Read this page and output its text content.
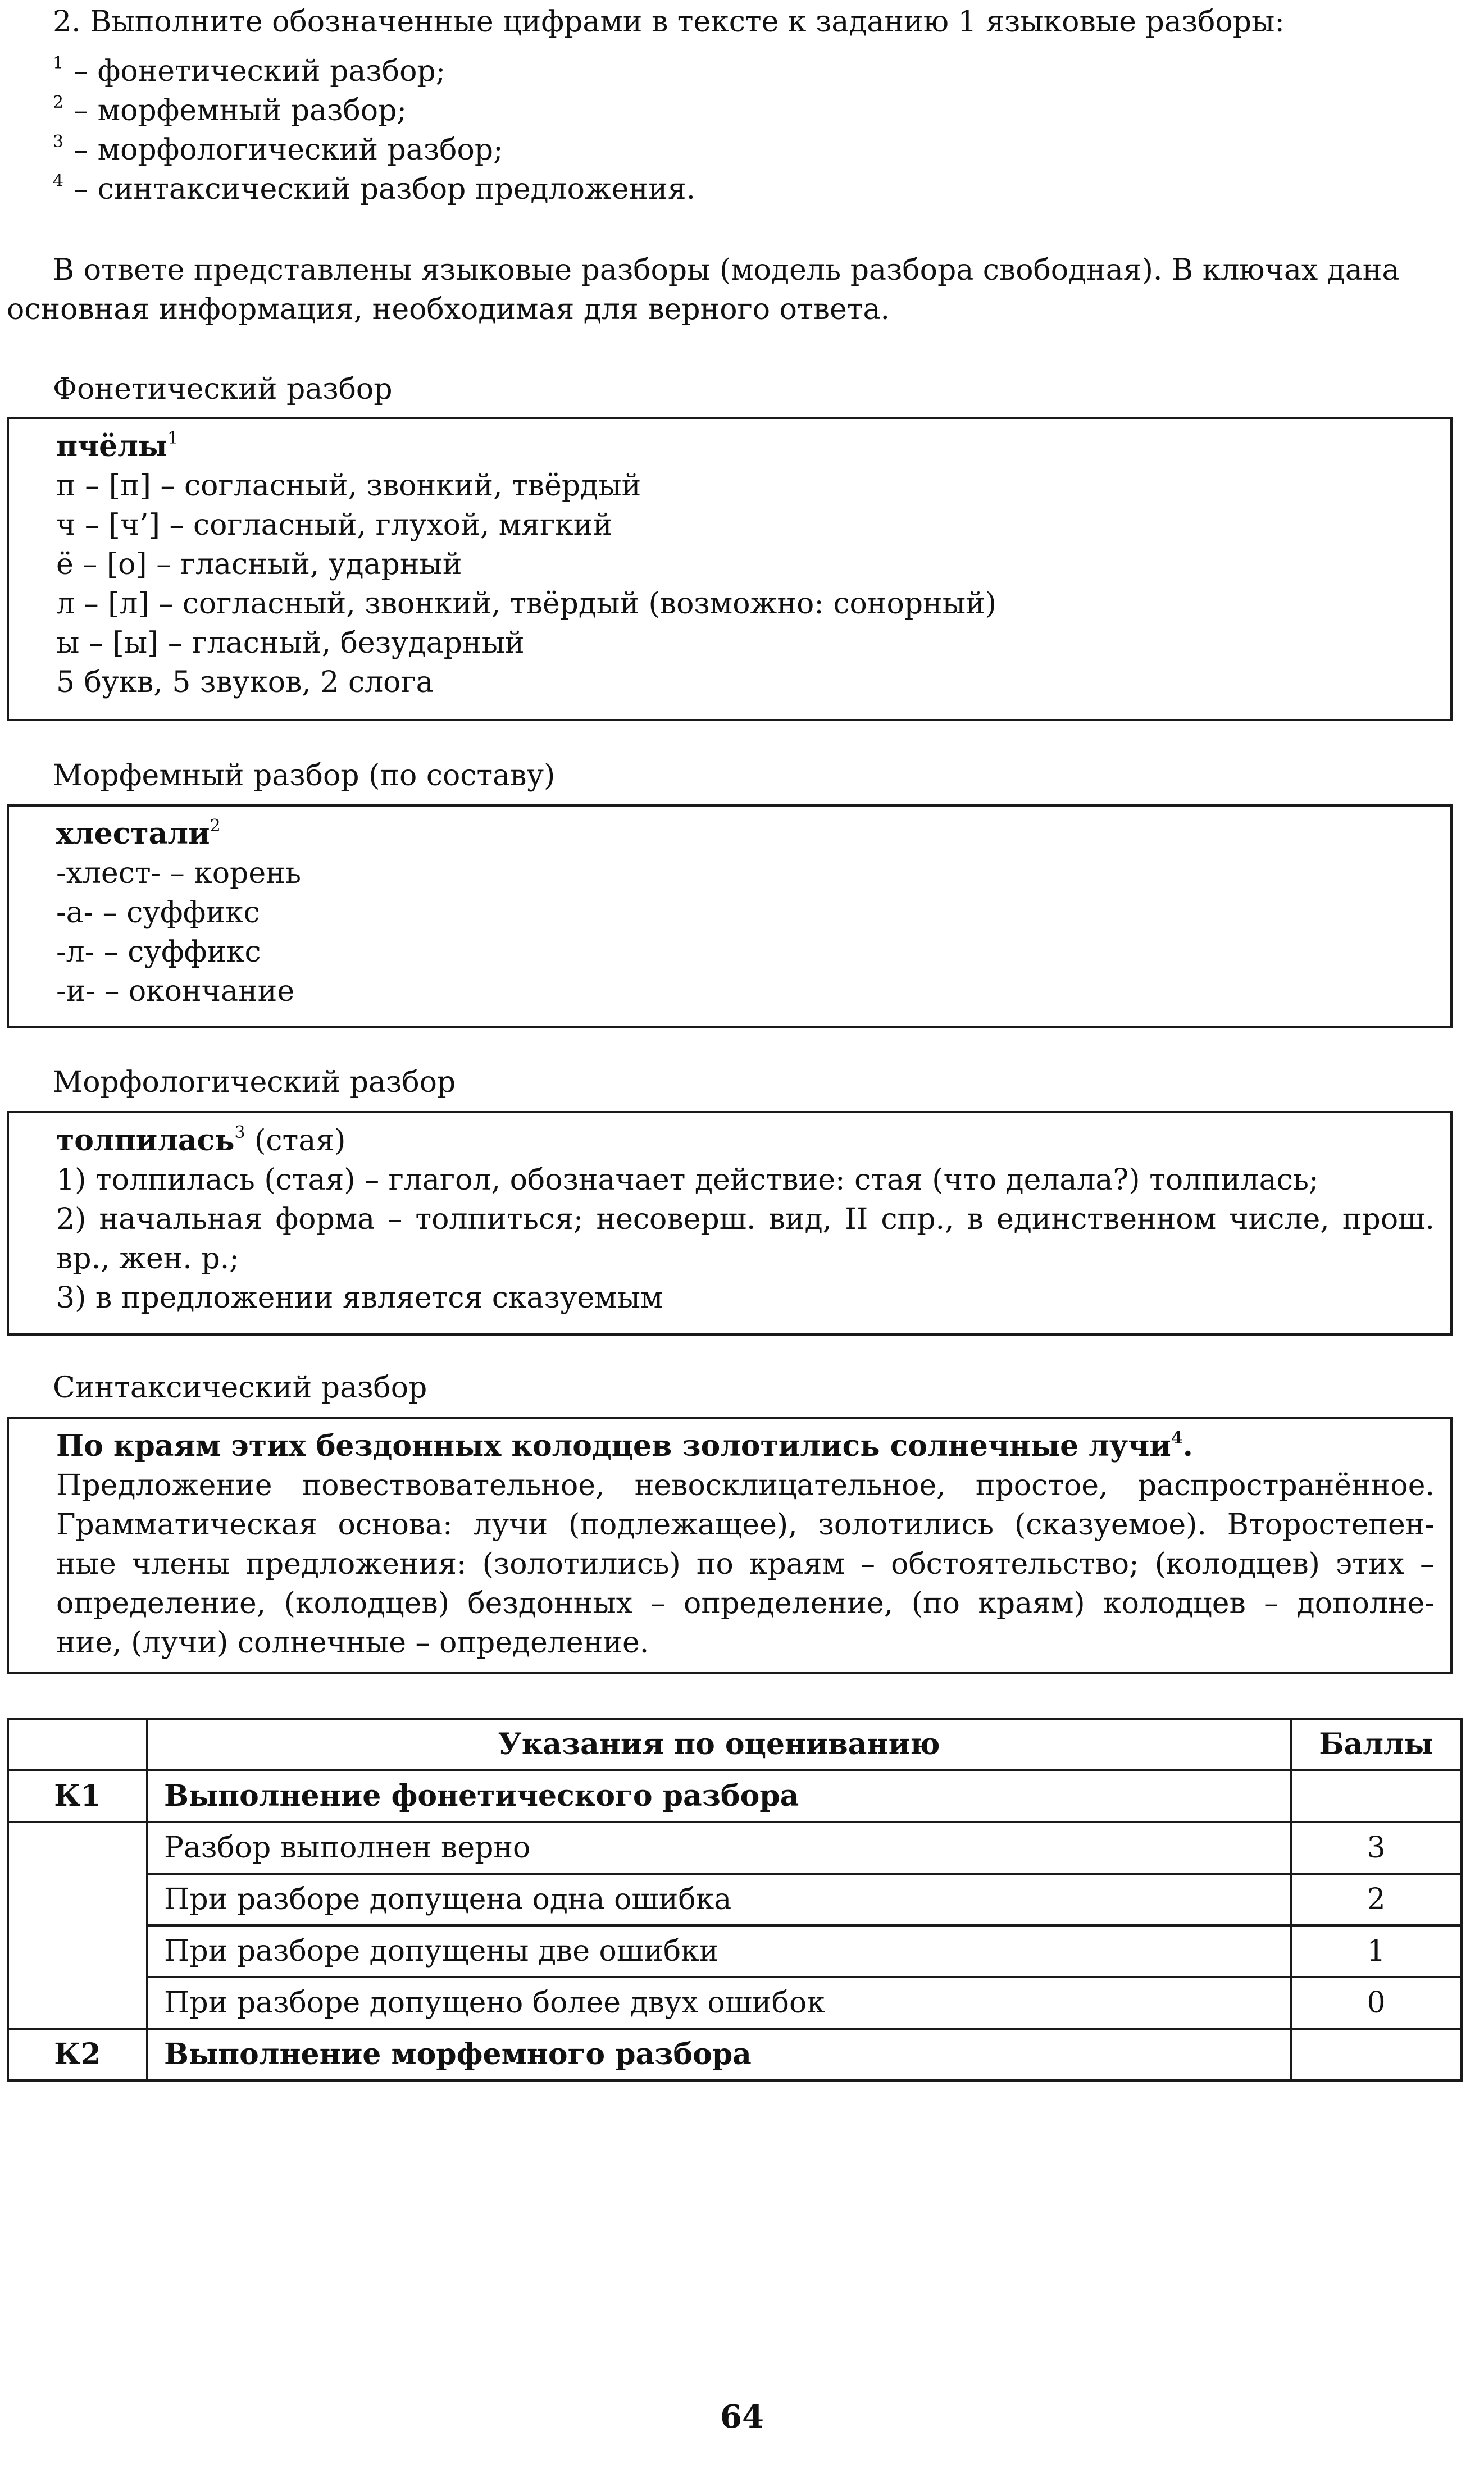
2. Выполните обозначенные цифрами в тексте к заданию 1 языковые разборы:
$^1$ – фонетический разбор;
$^2$ – морфемный разбор;
$^3$ – морфологический разбор;
$^4$ – синтаксический разбор предложения.
В ответе представлены языковые разборы (модель разбора свободная). В ключах дана
основная информация, необходимая для верного ответа.
Фонетический разбор
пчёлы$^1$
п – [п] – согласный, звонкий, твёрдый
ч – [ч’] – согласный, глухой, мягкий
ё – [о] – гласный, ударный
л – [л] – согласный, звонкий, твёрдый (возможно: сонорный)
ы – [ы] – гласный, безударный
5 букв, 5 звуков, 2 слога
Морфемный разбор (по составу)
хлестали$^2$
-хлест- – корень
-а- – суффикс
-л- – суффикс
-и- – окончание
Морфологический разбор
толпилась$^3$ (стая)
1) толпилась (стая) – глагол, обозначает действие: стая (что делала?) толпилась;
2) начальная форма – толпиться; несоверш. вид, II спр., в единственном числе, прош.
вр., жен. р.;
3) в предложении является сказуемым
Синтаксический разбор
По краям этих бездонных колодцев золотились солнечные лучи$^4$.
Предложение повествовательное, невосклицательное, простое, распространённое.
Грамматическая основа: лучи (подлежащее), золотились (сказуемое). Второстепен-
ные члены предложения: (золотились) по краям – обстоятельство; (колодцев) этих –
определение, (колодцев) бездонных – определение, (по краям) колодцев – дополне-
ние, (лучи) солнечные – определение.
	Указания по оцениванию	Баллы
К1	Выполнение фонетического разбора	
	Разбор выполнен верно	3
	При разборе допущена одна ошибка	2
	При разборе допущены две ошибки	1
	При разборе допущено более двух ошибок	0
К2	Выполнение морфемного разбора	
64
